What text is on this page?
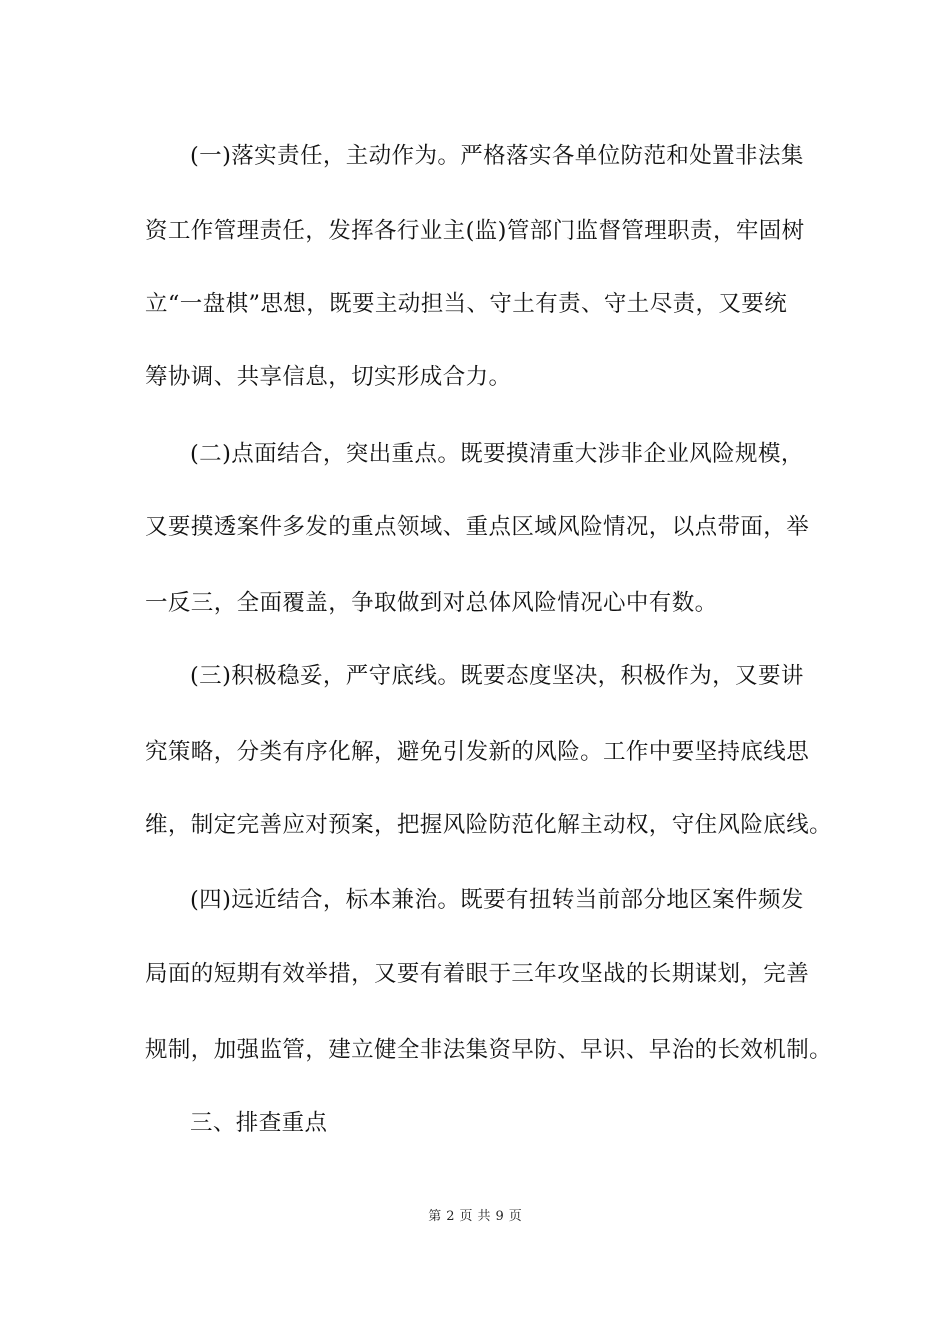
(一)落实责任，主动作为。严格落实各单位防范和处置非法集
资工作管理责任，发挥各行业主(监)管部门监督管理职责，牢固树
立“一盘棋”思想，既要主动担当、守土有责、守土尽责，又要统
筹协调、共享信息，切实形成合力。
(二)点面结合，突出重点。既要摸清重大涉非企业风险规模，
又要摸透案件多发的重点领域、重点区域风险情况，以点带面，举
一反三，全面覆盖，争取做到对总体风险情况心中有数。
(三)积极稳妥，严守底线。既要态度坚决，积极作为，又要讲
究策略，分类有序化解，避免引发新的风险。工作中要坚持底线思
维，制定完善应对预案，把握风险防范化解主动权，守住风险底线。
(四)远近结合，标本兼治。既要有扭转当前部分地区案件频发
局面的短期有效举措，又要有着眼于三年攻坚战的长期谋划，完善
规制，加强监管，建立健全非法集资早防、早识、早治的长效机制。
三、排查重点
第 2 页 共 9 页
